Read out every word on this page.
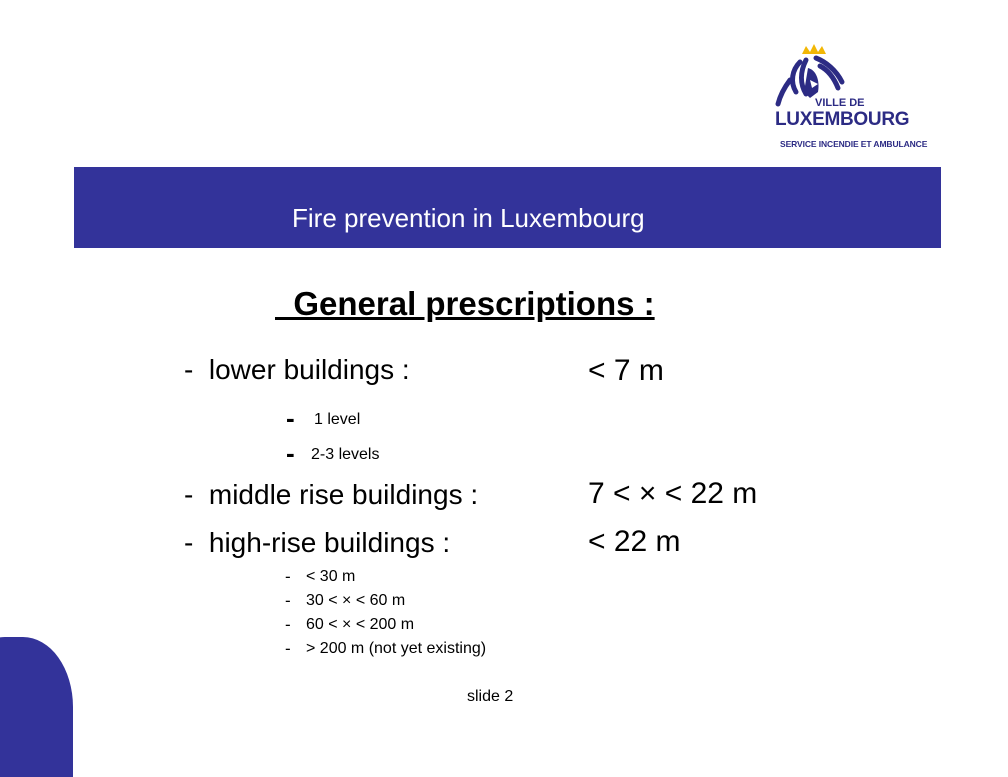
VILLE DE
LUXEMBOURG
SERVICE INCENDIE ET AMBULANCE
Fire prevention in Luxembourg
General prescriptions :
-  lower buildings :	< 7 m
- 1 level
- 2-3 levels
-  middle rise buildings :	7 < × < 22 m
-  high-rise buildings :	< 22 m
- < 30 m
- 30 < × < 60 m
- 60 < × < 200 m
- > 200 m (not yet existing)
slide 2
